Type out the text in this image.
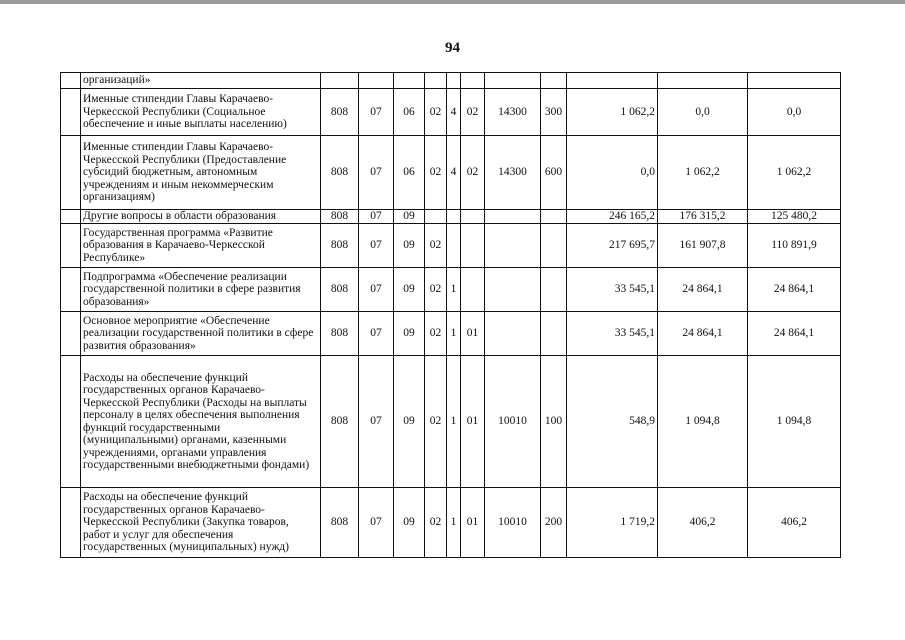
94
	организаций»											
	Именные стипендии Главы Карачаево-Черкесской Республики (Социальное обеспечение и иные выплаты населению)	808	07	06	02	4	02	14300	300	1 062,2	0,0	0,0
	Именные стипендии Главы Карачаево-Черкесской Республики (Предоставление субсидий бюджетным, автономным учреждениям и иным некоммерческим организациям)	808	07	06	02	4	02	14300	600	0,0	1 062,2	1 062,2
	Другие вопросы в области образования	808	07	09						246 165,2	176 315,2	125 480,2
	Государственная программа «Развитие образования в Карачаево-Черкесской Республике»	808	07	09	02					217 695,7	161 907,8	110 891,9
	Подпрограмма «Обеспечение реализации государственной политики в сфере развития образования»	808	07	09	02	1				33 545,1	24 864,1	24 864,1
	Основное мероприятие «Обеспечение реализации государственной политики в сфере развития образования»	808	07	09	02	1	01			33 545,1	24 864,1	24 864,1
	Расходы на обеспечение функций государственных органов Карачаево-Черкесской Республики (Расходы на выплаты персоналу в целях обеспечения выполнения функций государственными (муниципальными) органами, казенными учреждениями, органами управления государственными внебюджетными фондами)	808	07	09	02	1	01	10010	100	548,9	1 094,8	1 094,8
	Расходы на обеспечение функций государственных органов Карачаево-Черкесской Республики (Закупка товаров, работ и услуг для обеспечения государственных (муниципальных) нужд)	808	07	09	02	1	01	10010	200	1 719,2	406,2	406,2
